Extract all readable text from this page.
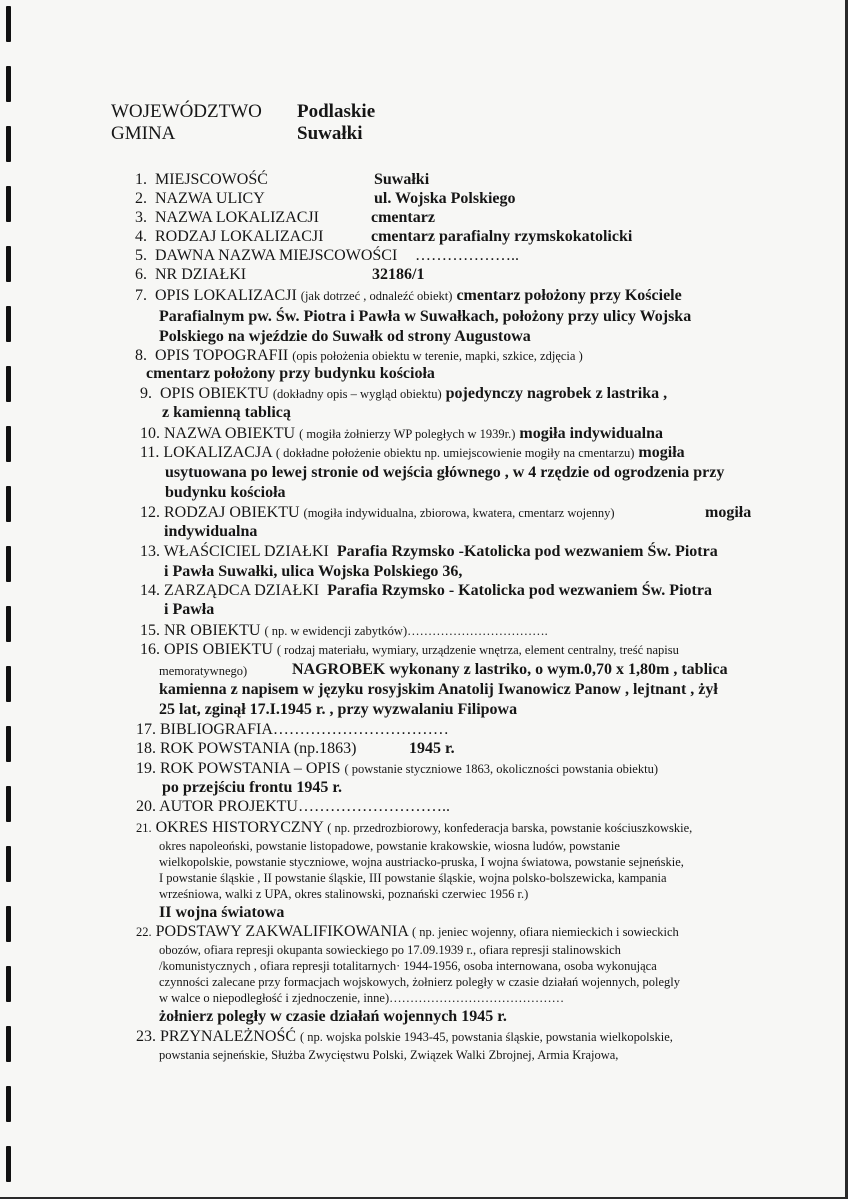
WOJEWÓDZTWO Podlaskie
GMINA	Suwałki
1. MIEJSCOWOŚĆ	Suwałki
2. NAZWA ULICY	ul. Wojska Polskiego
3. NAZWA LOKALIZACJI	cmentarz
4. RODZAJ LOKALIZACJI	cmentarz parafialny rzymskokatolicki
5. DAWNA NAZWA MIEJSCOWOŚCI ………………..
6. NR DZIAŁKI	32186/1
7. OPIS LOKALIZACJI (jak dotrzeć , odnaleźć obiekt) cmentarz położony przy Kościele
Parafialnym pw. Św. Piotra i Pawła w Suwałkach, położony przy ulicy Wojska
Polskiego na wjeździe do Suwałk od strony Augustowa
8. OPIS TOPOGRAFII (opis położenia obiektu w terenie, mapki, szkice, zdjęcia )
cmentarz położony przy budynku kościoła
9. OPIS OBIEKTU (dokładny opis – wygląd obiektu) pojedynczy nagrobek z lastrika ,
z kamienną tablicą
10. NAZWA OBIEKTU ( mogiła żołnierzy WP poległych w 1939r.) mogiła indywidualna
11. LOKALIZACJA ( dokładne położenie obiektu np. umiejscowienie mogiły na cmentarzu) mogiła
usytuowana po lewej stronie od wejścia głównego , w 4 rzędzie od ogrodzenia przy
budynku kościoła
12. RODZAJ OBIEKTU (mogiła indywidualna, zbiorowa, kwatera, cmentarz wojenny)	mogiła
indywidualna
13. WŁAŚCICIEL DZIAŁKI Parafia Rzymsko -Katolicka pod wezwaniem Św. Piotra
i Pawła Suwałki, ulica Wojska Polskiego 36,
14. ZARZĄDCA DZIAŁKI Parafia Rzymsko - Katolicka pod wezwaniem Św. Piotra
i Pawła
15. NR OBIEKTU ( np. w ewidencji zabytków)…………………………….
16. OPIS OBIEKTU ( rodzaj materiału, wymiary, urządzenie wnętrza, element centralny, treść napisu
memoratywnego)	NAGROBEK wykonany z lastriko, o wym.0,70 x 1,80m , tablica
kamienna z napisem w języku rosyjskim Anatolij Iwanowicz Panow , lejtnant , żył
25 lat, zginął 17.I.1945 r. , przy wyzwalaniu Filipowa
17. BIBLIOGRAFIA……………………………
18. ROK POWSTANIA (np.1863)	1945 r.
19. ROK POWSTANIA – OPIS ( powstanie styczniowe 1863, okoliczności powstania obiektu)
po przejściu frontu 1945 r.
20. AUTOR PROJEKTU………………………..
21. OKRES HISTORYCZNY ( np. przedrozbiorowy, konfederacja barska, powstanie kościuszkowskie,
okres napoleoński, powstanie listopadowe, powstanie krakowskie, wiosna ludów, powstanie
wielkopolskie, powstanie styczniowe, wojna austriacko-pruska, I wojna światowa, powstanie sejneńskie,
I powstanie śląskie , II powstanie śląskie, III powstanie śląskie, wojna polsko-bolszewicka, kampania
wrześniowa, walki z UPA, okres stalinowski, poznański czerwiec 1956 r.)
II wojna światowa
22. PODSTAWY ZAKWALIFIKOWANIA ( np. jeniec wojenny, ofiara niemieckich i sowieckich
obozów, ofiara represji okupanta sowieckiego po 17.09.1939 r., ofiara represji stalinowskich
/komunistycznych , ofiara represji totalitarnych· 1944-1956, osoba internowana, osoba wykonująca
czynności zalecane przy formacjach wojskowych, żołnierz poległy w czasie działań wojennych, polegly
w walce o niepodległość i zjednoczenie, inne)……………………………………
żołnierz poległy w czasie działań wojennych 1945 r.
23. PRZYNALEŻNOŚĆ ( np. wojska polskie 1943-45, powstania śląskie, powstania wielkopolskie,
powstania sejneńskie, Służba Zwycięstwu Polski, Związek Walki Zbrojnej, Armia Krajowa,
